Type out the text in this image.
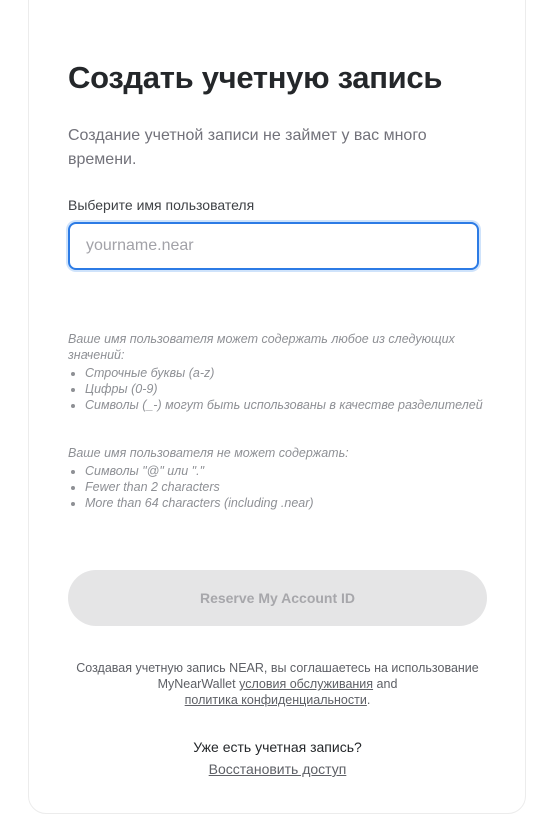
Создать учетную запись

Создание учетной записи не займет у вас много времени.

Выберите имя пользователя
yourname.near

Ваше имя пользователя может содержать любое из следующих значений:

• Строчные буквы (a-z)
• Цифры (0-9)
• Символы (_-) могут быть использованы в качестве разделителей

Ваше имя пользователя не может содержать:

• Символы "@" или "."
• Fewer than 2 characters
• More than 64 characters (including .near)
Reserve My Account ID
Создавая учетную запись NEAR, вы соглашаетесь на использование MyNearWallet условия обслуживания and
политика конфиденциальности.
Уже есть учетная запись?
Восстановить доступ
